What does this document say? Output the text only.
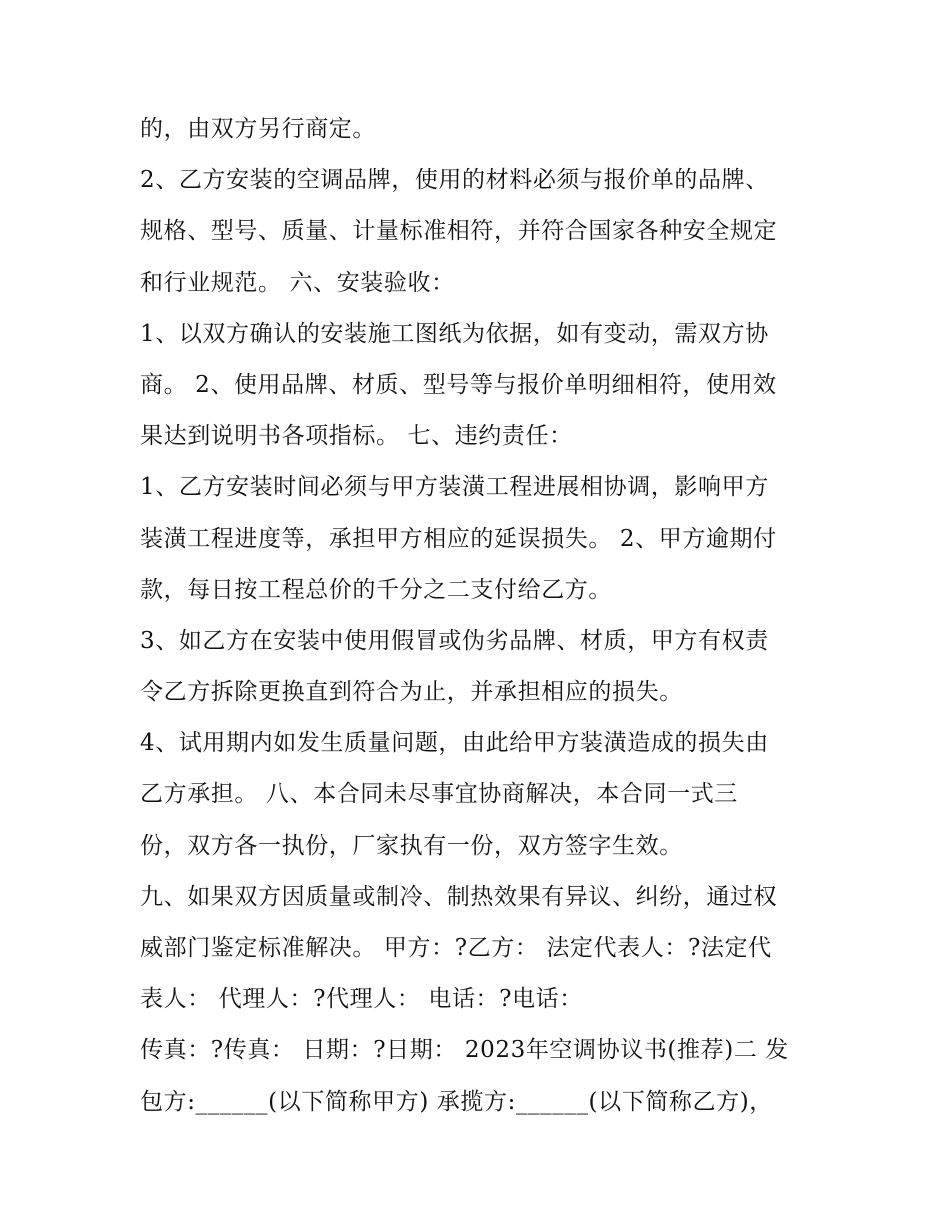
的，由双方另行商定。
2、乙方安装的空调品牌，使用的材料必须与报价单的品牌、
规格、型号、质量、计量标准相符，并符合国家各种安全规定
和行业规范。 六、安装验收：
1、以双方确认的安装施工图纸为依据，如有变动，需双方协
商。 2、使用品牌、材质、型号等与报价单明细相符，使用效
果达到说明书各项指标。 七、违约责任：
1、乙方安装时间必须与甲方装潢工程进展相协调，影响甲方
装潢工程进度等，承担甲方相应的延误损失。 2、甲方逾期付
款，每日按工程总价的千分之二支付给乙方。
3、如乙方在安装中使用假冒或伪劣品牌、材质，甲方有权责
令乙方拆除更换直到符合为止，并承担相应的损失。
4、试用期内如发生质量问题，由此给甲方装潢造成的损失由
乙方承担。 八、本合同未尽事宜协商解决，本合同一式三
份，双方各一执份，厂家执有一份，双方签字生效。
九、如果双方因质量或制冷、制热效果有异议、纠纷，通过权
威部门鉴定标准解决。 甲方：?乙方： 法定代表人：?法定代
表人： 代理人：?代理人： 电话：?电话：
传真：?传真： 日期：?日期： 2023年空调协议书(推荐)二 发
包方:______(以下简称甲方) 承揽方:______(以下简称乙方)，
